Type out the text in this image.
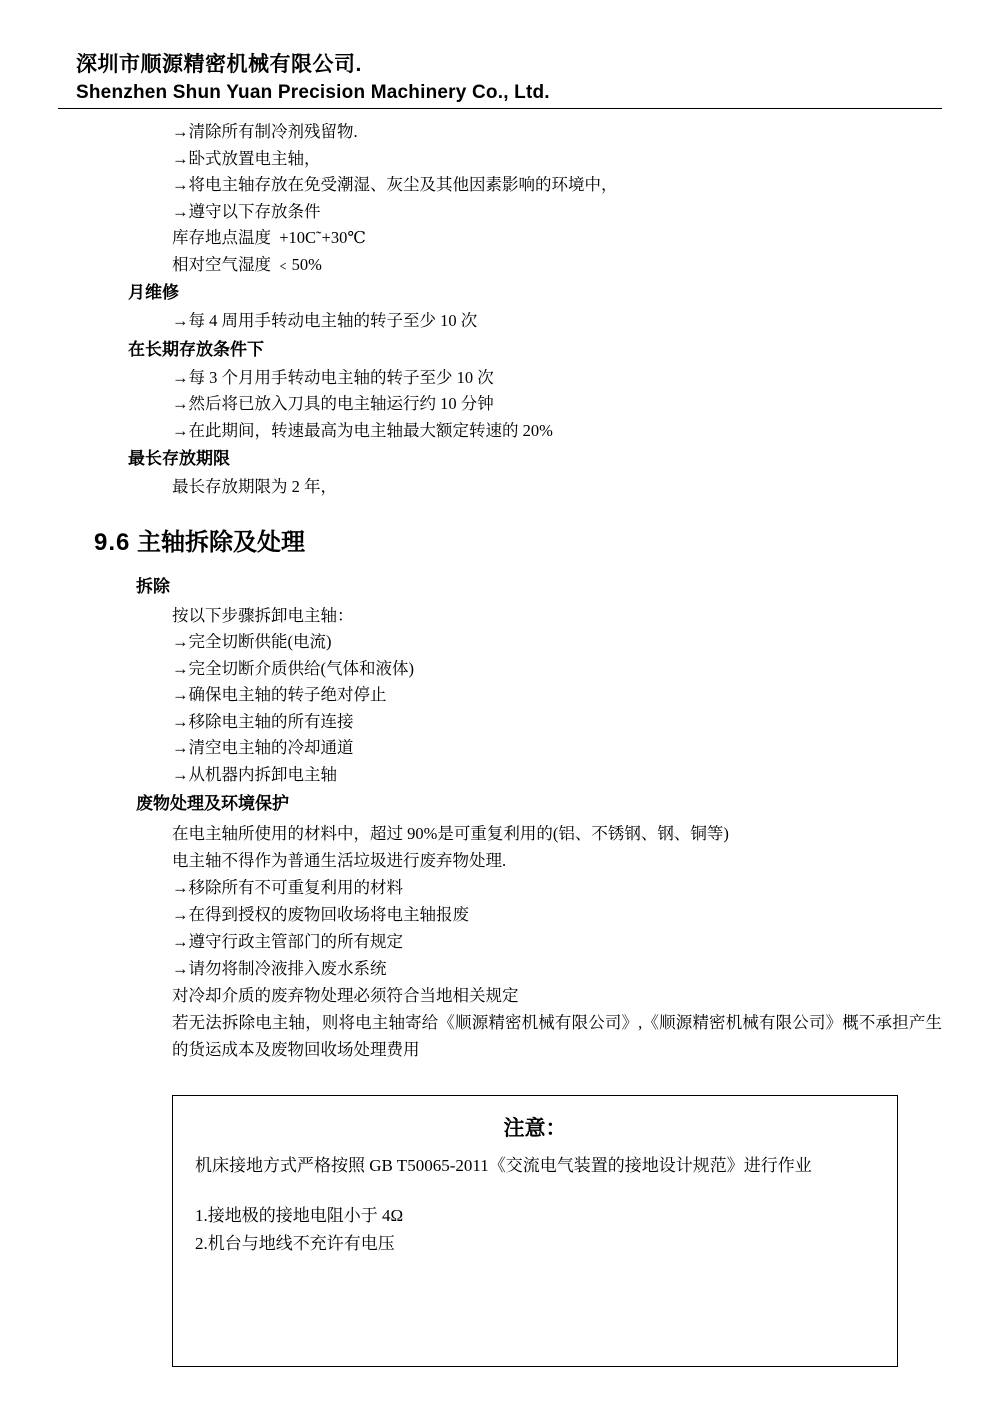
深圳市顺源精密机械有限公司.
Shenzhen Shun Yuan Precision Machinery Co., Ltd.
→清除所有制冷剂残留物.
→卧式放置电主轴，
→将电主轴存放在免受潮湿、灰尘及其他因素影响的环境中，
→遵守以下存放条件
库存地点温度  +10C˜+30℃
相对空气湿度 ﹤50%
月维修
→每 4 周用手转动电主轴的转子至少 10 次
在长期存放条件下
→每 3 个月用手转动电主轴的转子至少 10 次
→然后将已放入刀具的电主轴运行约 10 分钟
→在此期间，转速最高为电主轴最大额定转速的 20%
最长存放期限
最长存放期限为 2 年，
9.6 主轴拆除及处理
拆除
按以下步骤拆卸电主轴：
→完全切断供能(电流)
→完全切断介质供给(气体和液体)
→确保电主轴的转子绝对停止
→移除电主轴的所有连接
→清空电主轴的冷却通道
→从机器内拆卸电主轴
废物处理及环境保护
在电主轴所使用的材料中，超过 90%是可重复利用的(铝、不锈钢、钢、铜等)
电主轴不得作为普通生活垃圾进行废弃物处理.
→移除所有不可重复利用的材料
→在得到授权的废物回收场将电主轴报废
→遵守行政主管部门的所有规定
→请勿将制冷液排入废水系统
对冷却介质的废弃物处理必须符合当地相关规定
若无法拆除电主轴，则将电主轴寄给《顺源精密机械有限公司》,《顺源精密机械有限公司》概不承担产生的货运成本及废物回收场处理费用
注意：
机床接地方式严格按照 GB T50065-2011《交流电气装置的接地设计规范》进行作业
1.接地极的接地电阻小于 4Ω
2.机台与地线不充许有电压
